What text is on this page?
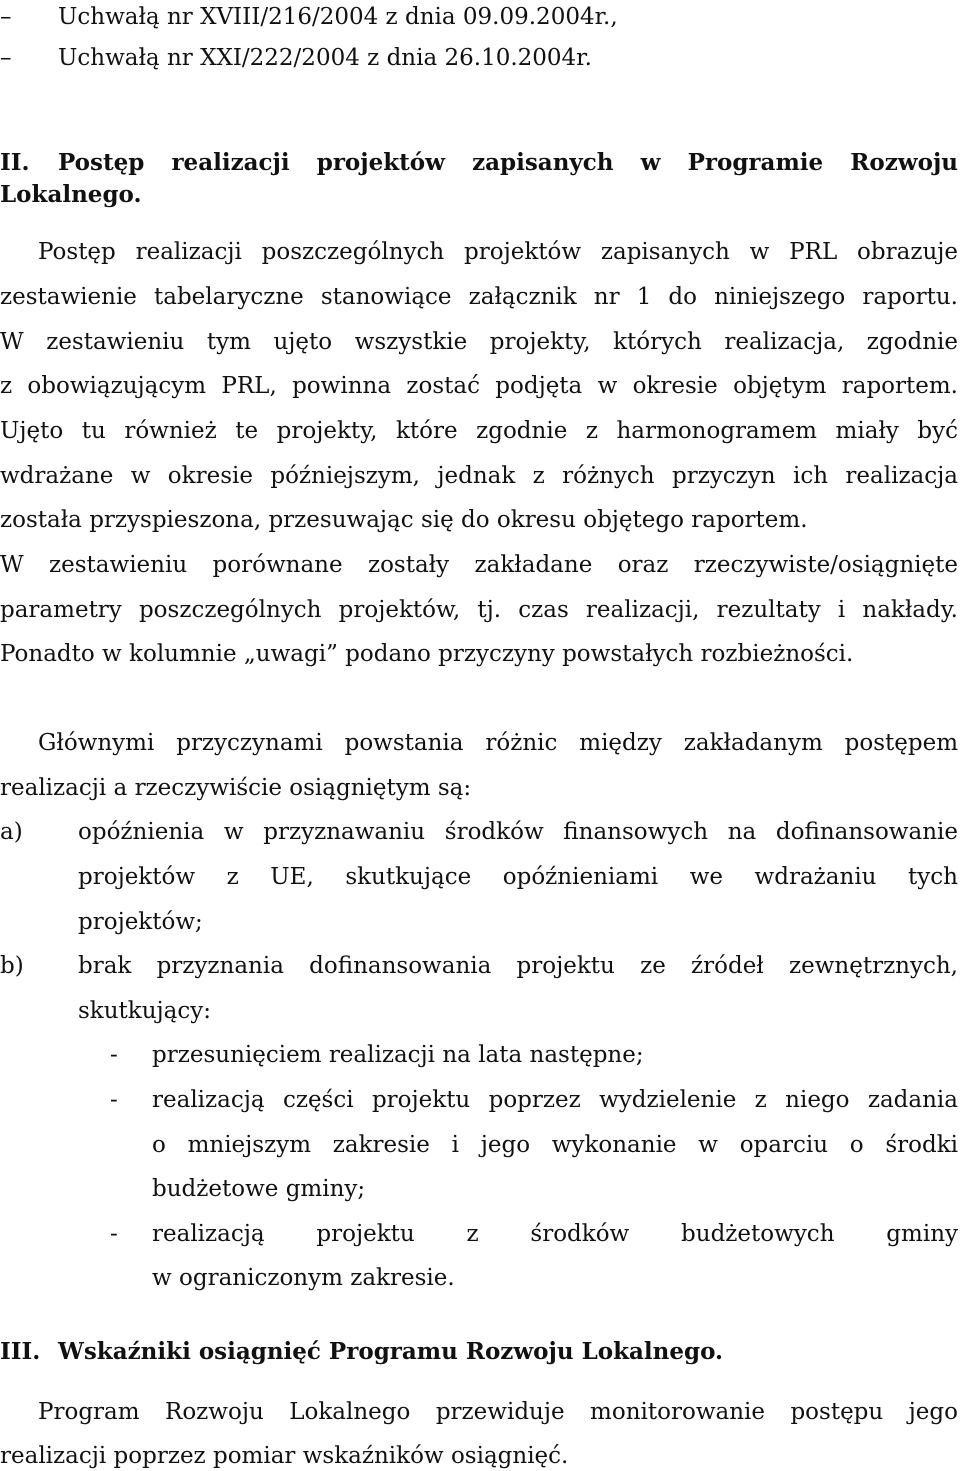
– Uchwałą nr XVIII/216/2004 z dnia 09.09.2004r.,
– Uchwałą nr XXI/222/2004 z dnia 26.10.2004r.
II. Postęp realizacji projektów zapisanych w Programie Rozwoju
Lokalnego.
Postęp realizacji poszczególnych projektów zapisanych w PRL obrazuje
zestawienie tabelaryczne stanowiące załącznik nr 1 do niniejszego raportu.
W zestawieniu tym ujęto wszystkie projekty, których realizacja, zgodnie
z obowiązującym PRL, powinna zostać podjęta w okresie objętym raportem.
Ujęto tu również te projekty, które zgodnie z harmonogramem miały być
wdrażane w okresie późniejszym, jednak z różnych przyczyn ich realizacja
została przyspieszona, przesuwając się do okresu objętego raportem.
W zestawieniu porównane zostały zakładane oraz rzeczywiste/osiągnięte
parametry poszczególnych projektów, tj. czas realizacji, rezultaty i nakłady.
Ponadto w kolumnie „uwagi” podano przyczyny powstałych rozbieżności.
Głównymi przyczynami powstania różnic między zakładanym postępem
realizacji a rzeczywiście osiągniętym są:
a) opóźnienia w przyznawaniu środków finansowych na dofinansowanie
projektów z UE, skutkujące opóźnieniami we wdrażaniu tych
projektów;
b) brak przyznania dofinansowania projektu ze źródeł zewnętrznych,
skutkujący:
- przesunięciem realizacji na lata następne;
- realizacją części projektu poprzez wydzielenie z niego zadania
o mniejszym zakresie i jego wykonanie w oparciu o środki
budżetowe gminy;
- realizacją projektu z środków budżetowych gminy
w ograniczonym zakresie.
III. Wskaźniki osiągnięć Programu Rozwoju Lokalnego.
Program Rozwoju Lokalnego przewiduje monitorowanie postępu jego
realizacji poprzez pomiar wskaźników osiągnięć.
